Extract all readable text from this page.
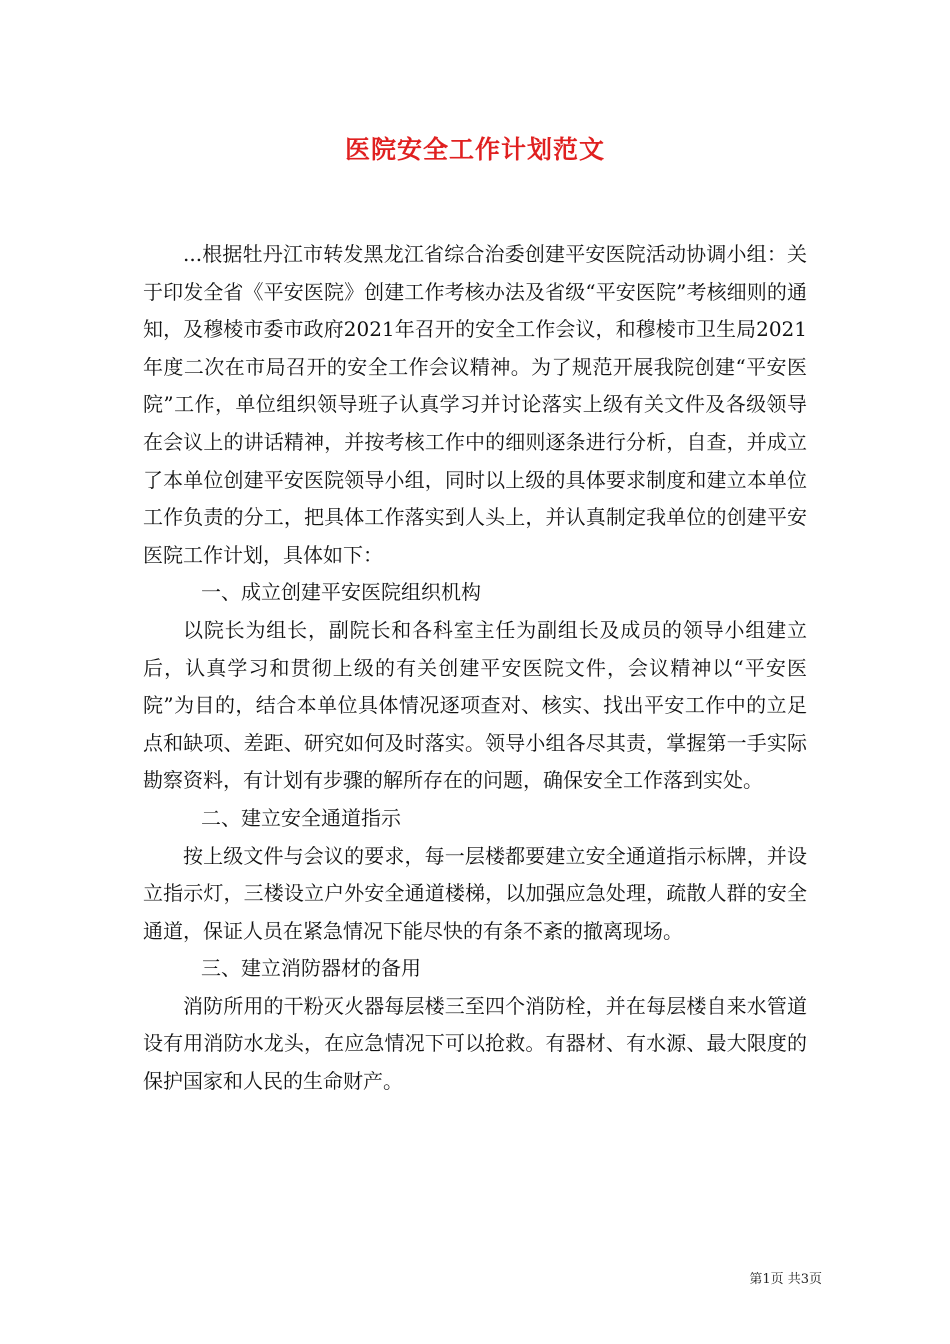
医院安全工作计划范文

...根据牡丹江市转发黑龙江省综合治委创建平安医院活动协调小组：关于印发全省《平安医院》创建工作考核办法及省级“平安医院”考核细则的通知，及穆棱市委市政府2021年召开的安全工作会议，和穆棱市卫生局2021年度二次在市局召开的安全工作会议精神。为了规范开展我院创建“平安医院”工作，单位组织领导班子认真学习并讨论落实上级有关文件及各级领导在会议上的讲话精神，并按考核工作中的细则逐条进行分析，自查，并成立了本单位创建平安医院领导小组，同时以上级的具体要求制度和建立本单位工作负责的分工，把具体工作落实到人头上，并认真制定我单位的创建平安医院工作计划，具体如下：

一、成立创建平安医院组织机构

以院长为组长，副院长和各科室主任为副组长及成员的领导小组建立后，认真学习和贯彻上级的有关创建平安医院文件，会议精神以“平安医院”为目的，结合本单位具体情况逐项查对、核实、找出平安工作中的立足点和缺项、差距、研究如何及时落实。领导小组各尽其责，掌握第一手实际勘察资料，有计划有步骤的解所存在的问题，确保安全工作落到实处。

二、建立安全通道指示

按上级文件与会议的要求，每一层楼都要建立安全通道指示标牌，并设立指示灯，三楼设立户外安全通道楼梯，以加强应急处理，疏散人群的安全通道，保证人员在紧急情况下能尽快的有条不紊的撤离现场。

三、建立消防器材的备用

消防所用的干粉灭火器每层楼三至四个消防栓，并在每层楼自来水管道设有用消防水龙头，在应急情况下可以抢救。有器材、有水源、最大限度的保护国家和人民的生命财产。

第1页 共3页
